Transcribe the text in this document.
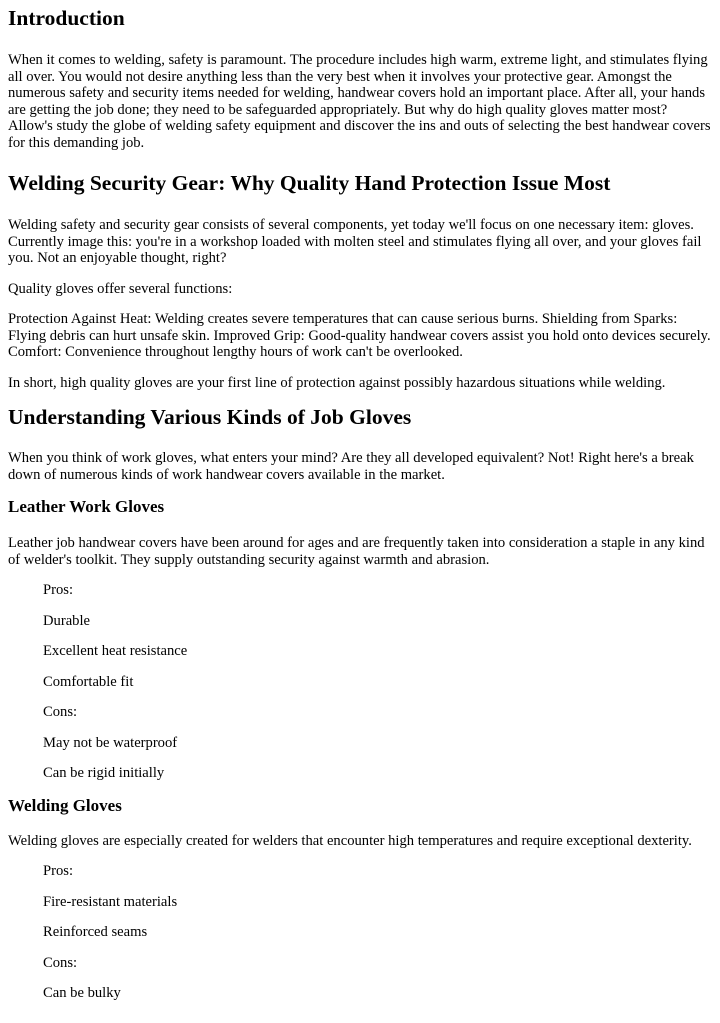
Introduction

When it comes to welding, safety is paramount. The procedure includes high warm, extreme light, and stimulates flying all over. You would not desire anything less than the very best when it involves your protective gear. Amongst the numerous safety and security items needed for welding, handwear covers hold an important place. After all, your hands are getting the job done; they need to be safeguarded appropriately. But why do high quality gloves matter most? Allow's study the globe of welding safety equipment and discover the ins and outs of selecting the best handwear covers for this demanding job.

Welding Security Gear: Why Quality Hand Protection Issue Most

Welding safety and security gear consists of several components, yet today we'll focus on one necessary item: gloves. Currently image this: you're in a workshop loaded with molten steel and stimulates flying all over, and your gloves fail you. Not an enjoyable thought, right?

Quality gloves offer several functions:

Protection Against Heat: Welding creates severe temperatures that can cause serious burns. Shielding from Sparks: Flying debris can hurt unsafe skin. Improved Grip: Good-quality handwear covers assist you hold onto devices securely. Comfort: Convenience throughout lengthy hours of work can't be overlooked.

In short, high quality gloves are your first line of protection against possibly hazardous situations while welding.

Understanding Various Kinds of Job Gloves

When you think of work gloves, what enters your mind? Are they all developed equivalent? Not! Right here's a break down of numerous kinds of work handwear covers available in the market.

Leather Work Gloves

Leather job handwear covers have been around for ages and are frequently taken into consideration a staple in any kind of welder's toolkit. They supply outstanding security against warmth and abrasion.

Pros:

Durable

Excellent heat resistance

Comfortable fit

Cons:

May not be waterproof

Can be rigid initially

Welding Gloves

Welding gloves are especially created for welders that encounter high temperatures and require exceptional dexterity.

Pros:

Fire-resistant materials

Reinforced seams

Cons:

Can be bulky
